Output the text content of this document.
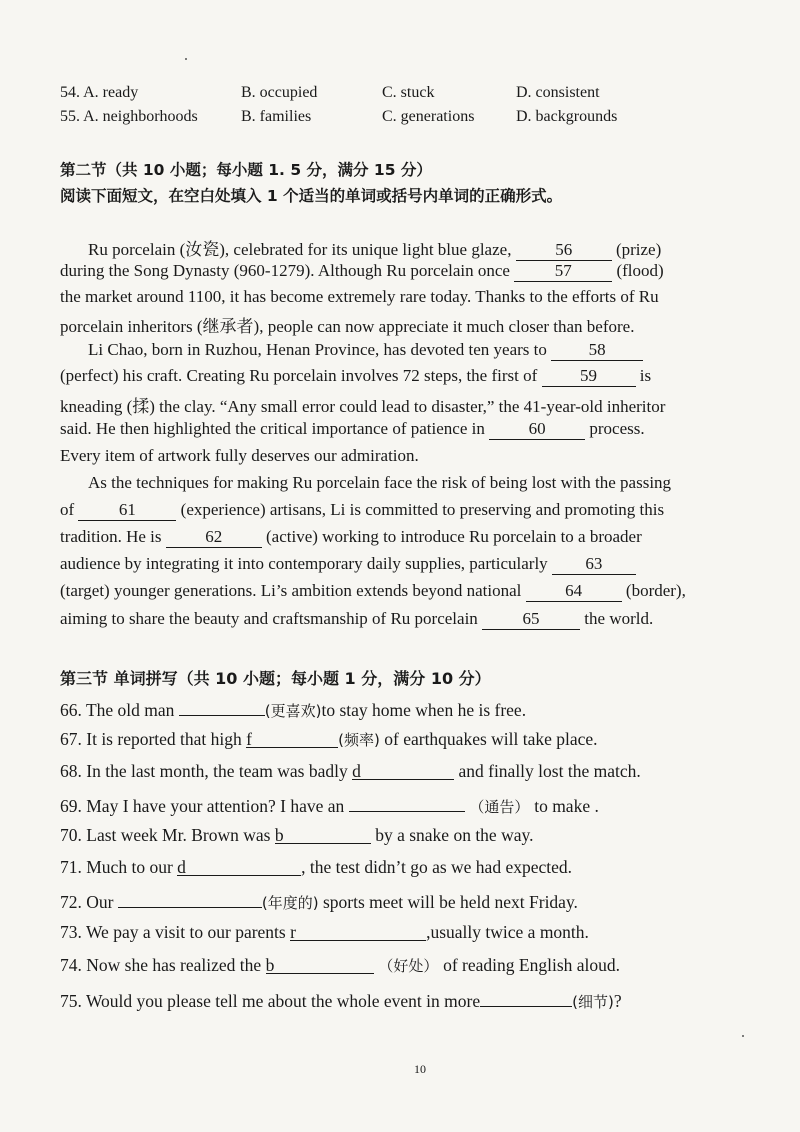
54. A. ready	B. occupied	C. stuck	D. consistent
55. A. neighborhoods	B. families	C. generations	D. backgrounds
第二节（共 10 小题；每小题 1. 5 分，满分 15 分）
阅读下面短文，在空白处填入 1 个适当的单词或括号内单词的正确形式。
Ru porcelain (汝瓷), celebrated for its unique light blue glaze, 56 (prize)
during the Song Dynasty (960-1279). Although Ru porcelain once 57 (flood)
the market around 1100, it has become extremely rare today. Thanks to the efforts of Ru
porcelain inheritors (继承者), people can now appreciate it much closer than before.
Li Chao, born in Ruzhou, Henan Province, has devoted ten years to 58
(perfect) his craft. Creating Ru porcelain involves 72 steps, the first of 59 is
kneading (揉) the clay. “Any small error could lead to disaster,” the 41-year-old inheritor
said. He then highlighted the critical importance of patience in 60 process.
Every item of artwork fully deserves our admiration.
As the techniques for making Ru porcelain face the risk of being lost with the passing
of 61 (experience) artisans, Li is committed to preserving and promoting this
tradition. He is 62 (active) working to introduce Ru porcelain to a broader
audience by integrating it into contemporary daily supplies, particularly 63
(target) younger generations. Li’s ambition extends beyond national 64 (border),
aiming to share the beauty and craftsmanship of Ru porcelain 65 the world.
第三节 单词拼写（共 10 小题；每小题 1 分，满分 10 分）
66. The old man	(更喜欢)to stay home when he is free.
67. It is reported that high f	(频率) of earthquakes will take place.
68. In the last month, the team was badly d	and finally lost the match.
69. May I have your attention? I have an	（通告） to make .
70. Last week Mr. Brown was b	by a snake on the way.
71. Much to our d	, the test didn’t go as we had expected.
72. Our	(年度的) sports meet will be held next Friday.
73. We pay a visit to our parents r	,usually twice a month.
74. Now she has realized the b	（好处） of reading English aloud.
75. Would you please tell me about the whole event in more	(细节)?
10
